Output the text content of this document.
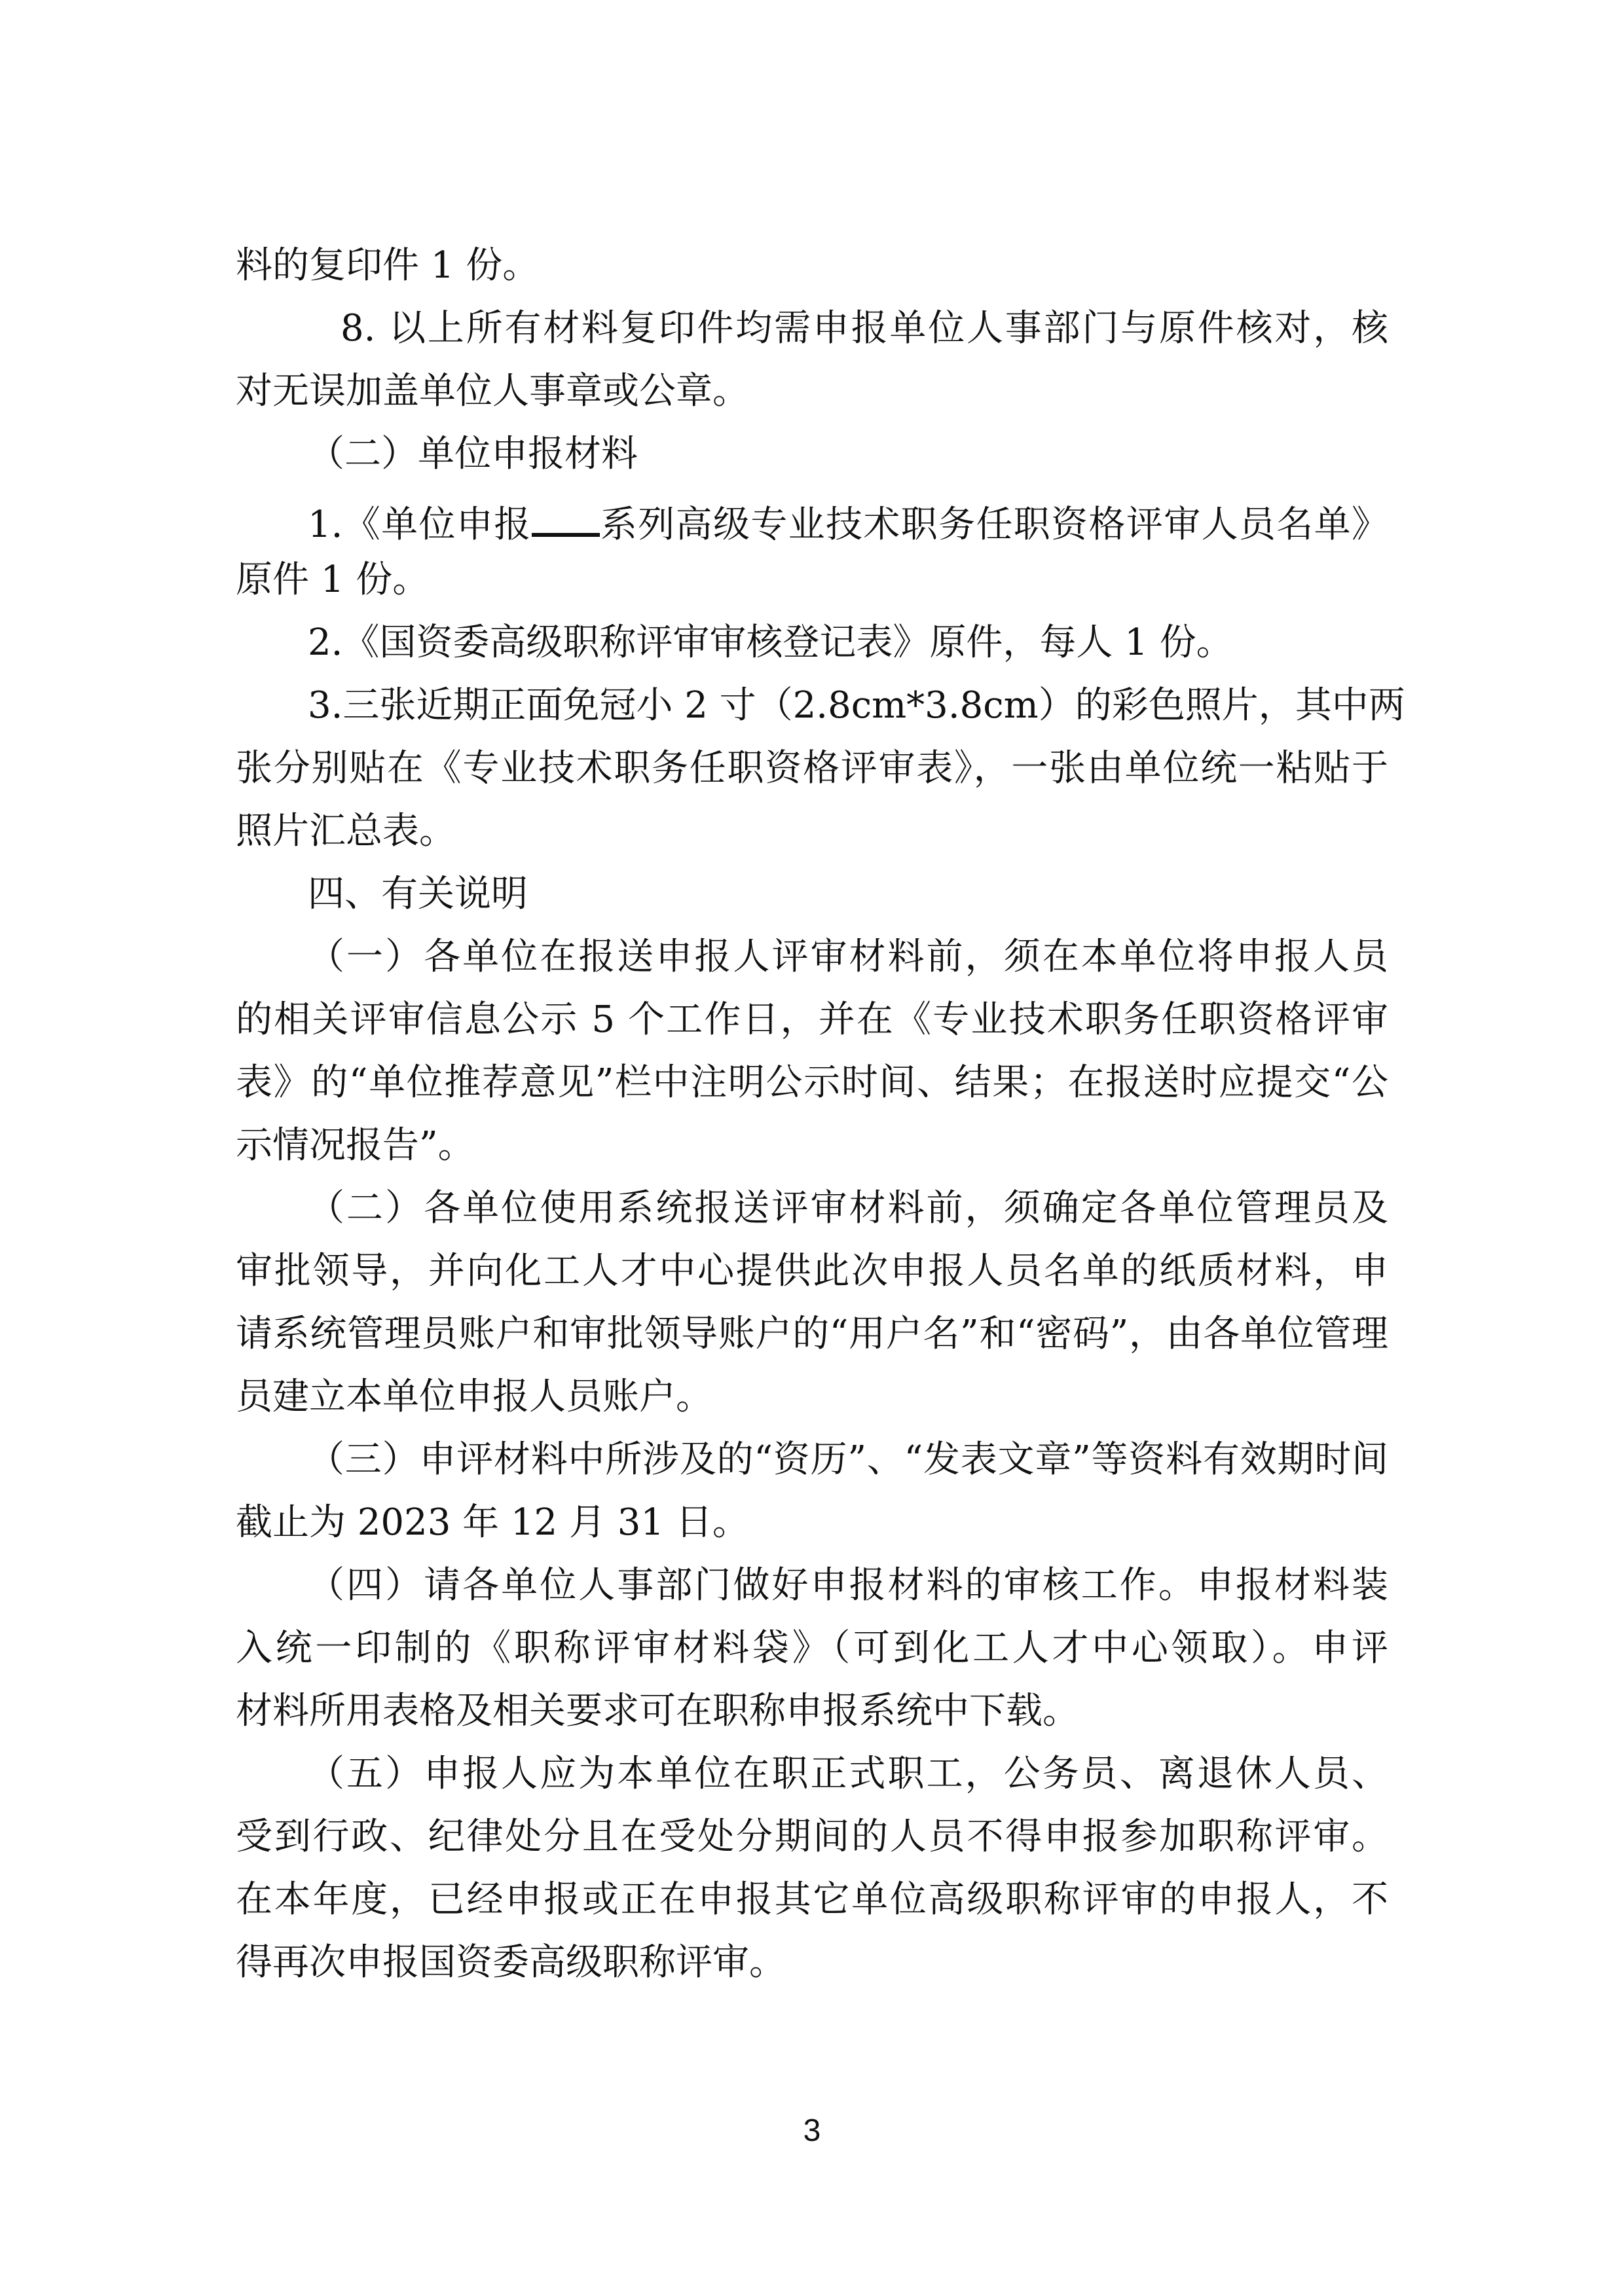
料的复印件 1 份。
8. 以上所有材料复印件均需申报单位人事部门与原件核对，核
对无误加盖单位人事章或公章。
（二）单位申报材料
1.《单位申报 系列高级专业技术职务任职资格评审人员名单》
原件 1 份。
2.《国资委高级职称评审审核登记表》原件，每人 1 份。
3.三张近期正面免冠小 2 寸（2.8cm*3.8cm）的彩色照片，其中两
张分别贴在《专业技术职务任职资格评审表》，一张由单位统一粘贴于
照片汇总表。
四、有关说明
（一）各单位在报送申报人评审材料前，须在本单位将申报人员
的相关评审信息公示 5 个工作日，并在《专业技术职务任职资格评审
表》的“单位推荐意见”栏中注明公示时间、结果；在报送时应提交“公
示情况报告”。
（二）各单位使用系统报送评审材料前，须确定各单位管理员及
审批领导，并向化工人才中心提供此次申报人员名单的纸质材料，申
请系统管理员账户和审批领导账户的“用户名”和“密码”，由各单位管理
员建立本单位申报人员账户。
（三）申评材料中所涉及的“资历”、“发表文章”等资料有效期时间
截止为 2023 年 12 月 31 日。
（四）请各单位人事部门做好申报材料的审核工作。申报材料装
入统一印制的《职称评审材料袋》（可到化工人才中心领取）。申评
材料所用表格及相关要求可在职称申报系统中下载。
（五）申报人应为本单位在职正式职工，公务员、离退休人员、
受到行政、纪律处分且在受处分期间的人员不得申报参加职称评审。
在本年度，已经申报或正在申报其它单位高级职称评审的申报人，不
得再次申报国资委高级职称评审。
3
